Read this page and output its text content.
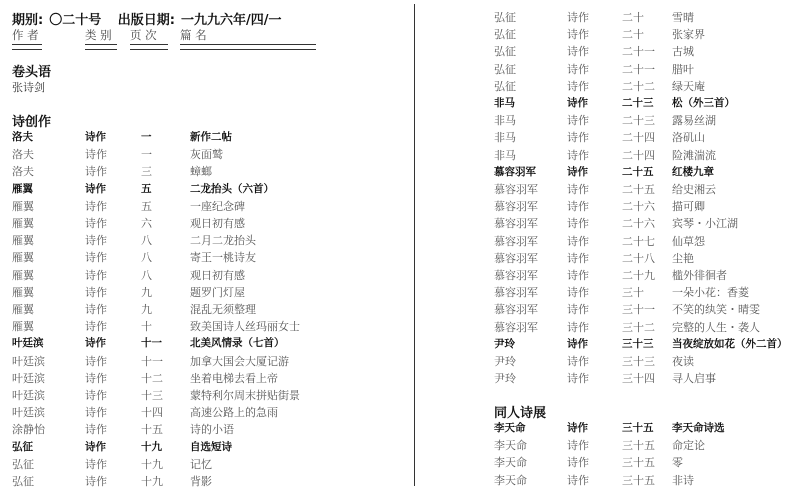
期别: 〇二十号 出版日期: 一九九六年/四/一
作 者	类 别 页 次 篇 名
卷头语
张诗剑
诗创作
洛夫	诗作	一	新作二帖
洛夫	诗作	一	灰面鹫
洛夫	诗作	三	蟑螂
雁翼	诗作	五	二龙抬头（六首）
雁翼	诗作	五	一座纪念碑
雁翼	诗作	六	观日初有感
雁翼	诗作	八	二月二龙抬头
雁翼	诗作	八	寄王一桃诗友
雁翼	诗作	八	观日初有感
雁翼	诗作	九	题罗门灯屋
雁翼	诗作	九	混乱无须整理
雁翼	诗作	十	致美国诗人丝玛丽女士
叶廷滨	诗作	十一	北美风情录（七首）
叶廷滨	诗作	十一 加拿大国会大厦记游
叶廷滨	诗作	十二 坐着电梯去看上帝
叶廷滨	诗作	十三 蒙特利尔周末拼贴街景
叶廷滨	诗作	十四 高速公路上的急雨
涂静怡	诗作	十五 诗的小语
弘征	诗作	十九	自选短诗
弘征	诗作	十九 记忆
弘征	诗作	十九 背影
弘征	诗作	二十	雪晴
弘征	诗作	二十	张家界
弘征	诗作	二十一 古城
弘征	诗作	二十一 腊叶
弘征	诗作	二十二 绿天庵
非马	诗作	二十三 松（外三首）
非马	诗作	二十三 露易丝湖
非马	诗作	二十四 洛矶山
非马	诗作	二十四 险滩湍流
慕容羽军	诗作	二十五 红楼九章
慕容羽军	诗作	二十五 给史湘云
慕容羽军	诗作	二十六 描可卿
慕容羽军	诗作	二十六 宾琴・小江湖
慕容羽军	诗作	二十七 仙草怨
慕容羽军	诗作	二十八 尘艳
慕容羽军	诗作	二十九 槛外徘徊者
慕容羽军	诗作	三十	一朵小花：香菱
慕容羽军	诗作	三十一 不笑的纨笑・晴雯
慕容羽军	诗作	三十二 完整的人生・袭人
尹玲	诗作	三十三 当夜绽放如花（外二首）
尹玲	诗作	三十三 夜读
尹玲	诗作	三十四 寻人启事
同人诗展
李天命	诗作	三十五 李天命诗选
李天命	诗作	三十五 命定论
李天命	诗作	三十五 零
李天命	诗作	三十五 非诗
